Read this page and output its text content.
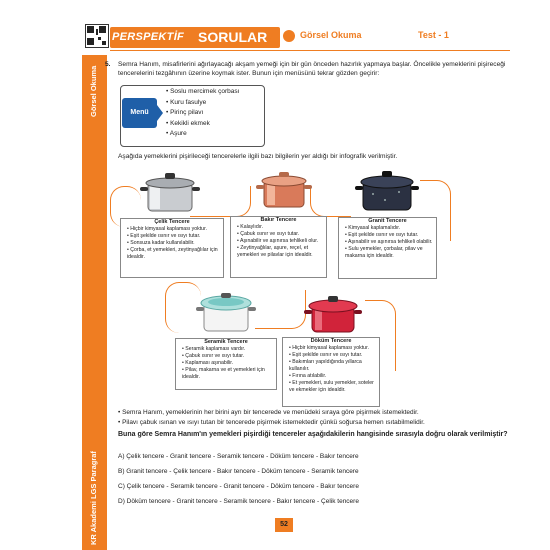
Görsel Okuma
KR Akademi LGS Paragraf
PERSPEKTİF SORULAR	Görsel Okuma	Test - 1
5. Semra Hanım, misafirlerini ağırlayacağı akşam yemeği için bir gün önceden hazırlık yapmaya başlar. Öncelikle yemeklerini pişireceği tencerelerini tezgâhının üzerine koymak ister. Bunun için menüsünü tekrar gözden geçirir:
Menü
• Soslu mercimek çorbası
• Kuru fasulye
• Pirinç pilavı
• Kekikli ekmek
• Aşure
Aşağıda yemeklerini pişirileceği tencerelerle ilgili bazı bilgilerin yer aldığı bir infografik verilmiştir.
Çelik Tencere
• Hiçbir kimyasal kaplaması yoktur.
• Eşit şekilde ısınır ve ısıyı tutar.
• Sonsuza kadar kullanılabilir.
• Çorba, et yemekleri, zeytinyağlılar için idealdir.
Bakır Tencere
• Kalaylıdır.
• Çabuk ısınır ve ısıyı tutar.
• Aşınabilir ve aşınırsa tehlikeli olur.
• Zeytinyağlılar, aşure, reçel, et yemekleri ve pilavlar için idealdir.
Granit Tencere
• Kimyasal kaplamalıdır.
• Eşit şekilde ısınır ve ısıyı tutar.
• Aşınabilir ve aşınırsa tehlikeli olabilir.
• Sulu yemekler, çorbalar, pilav ve makarna için idealdir.
Seramik Tencere
• Seramik kaplaması vardır.
• Çabuk ısınır ve ısıyı tutar.
• Kaplaması aşınabilir.
• Pilav, makarna ve et yemekleri için idealdir.
Döküm Tencere
• Hiçbir kimyasal kaplaması yoktur.
• Eşit şekilde ısınır ve ısıyı tutar.
• Bakımları yapıldığında yıllarca kullanılır.
• Fırına atılabilir.
• Et yemekleri, sulu yemekler, soteler ve ekmekler için idealdir.
• Semra Hanım, yemeklerinin her birini ayrı bir tencerede ve menüdeki sıraya göre pişirmek istemektedir.
• Pilavı çabuk ısınan ve ısıyı tutan bir tencerede pişirmek istemektedir çünkü soğursa hemen ısıtabilmelidir.
Buna göre Semra Hanım'ın yemekleri pişirdiği tencereler aşağıdakilerin hangisinde sırasıyla doğru olarak verilmiştir?
A) Çelik tencere - Granit tencere - Seramik tencere - Döküm tencere - Bakır tencere
B) Granit tencere - Çelik tencere - Bakır tencere - Döküm tencere - Seramik tencere
C) Çelik tencere - Seramik tencere - Granit tencere - Döküm tencere - Bakır tencere
D) Döküm tencere - Granit tencere - Seramik tencere - Bakır tencere - Çelik tencere
52
